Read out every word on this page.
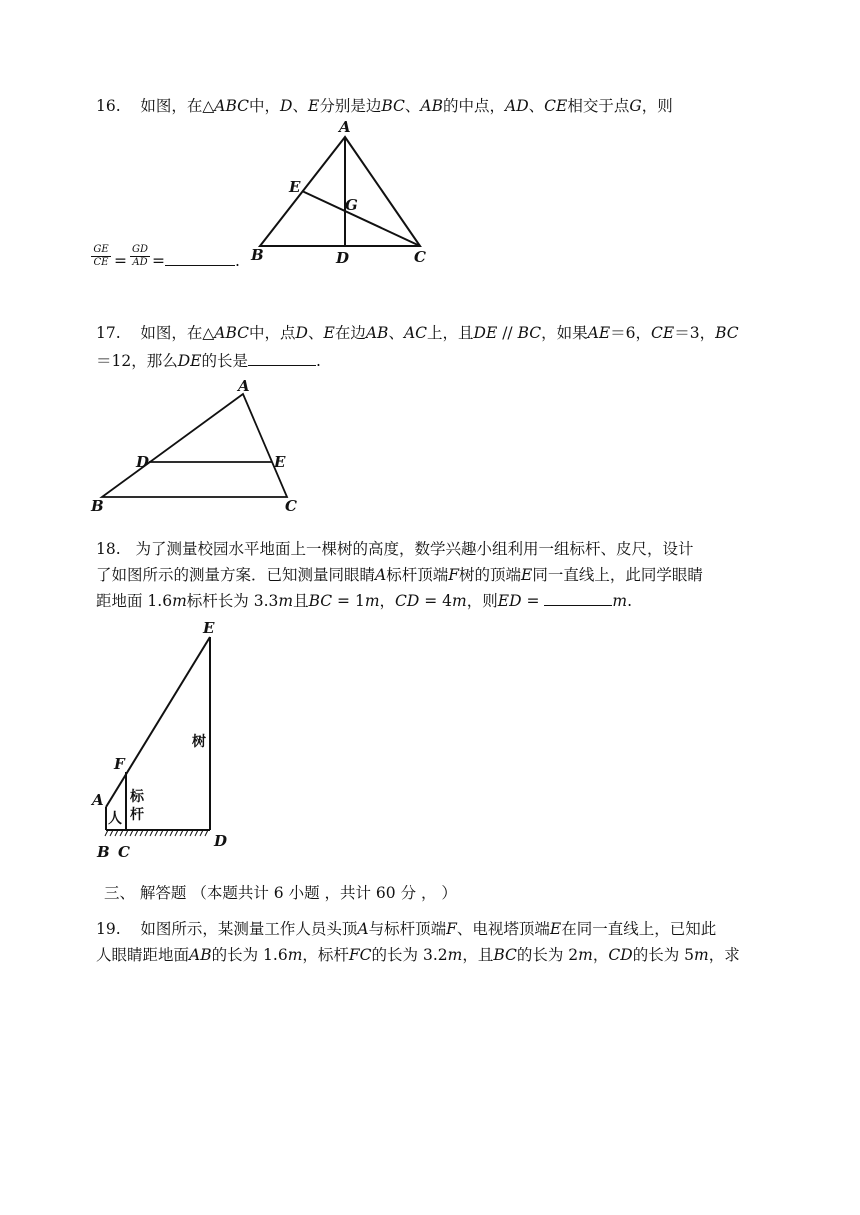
16. 如图，在△ABC中，D、E分别是边BC、AB的中点，AD、CE相交于点G，则
$\frac{GE}{CE} = \frac{GD}{AD}$ =	.
A
B	C
D
E
G
17. 如图，在△ABC中，点D、E在边AB、AC上，且DE // BC，如果AE＝6，CE＝3，BC
＝12，那么DE的长是	.
A
B	C
D	E
18. 为了测量校园水平地面上一棵树的高度，数学兴趣小组利用一组标杆、皮尺，设计
了如图所示的测量方案．已知测量同眼睛A标杆顶端F树的顶端E同一直线上，此同学眼睛
距地面 1.6m标杆长为 3.3m且BC = 1m，CD = 4m，则ED =	m.
E
F
A
B C
D
树
标
杆
人
三、 解答题 （本题共计 6 小题 ，共计 60 分 ， ）
19. 如图所示，某测量工作人员头顶A与标杆顶端F、电视塔顶端E在同一直线上，已知此
人眼睛距地面AB的长为 1.6m，标杆FC的长为 3.2m，且BC的长为 2m，CD的长为 5m，求
